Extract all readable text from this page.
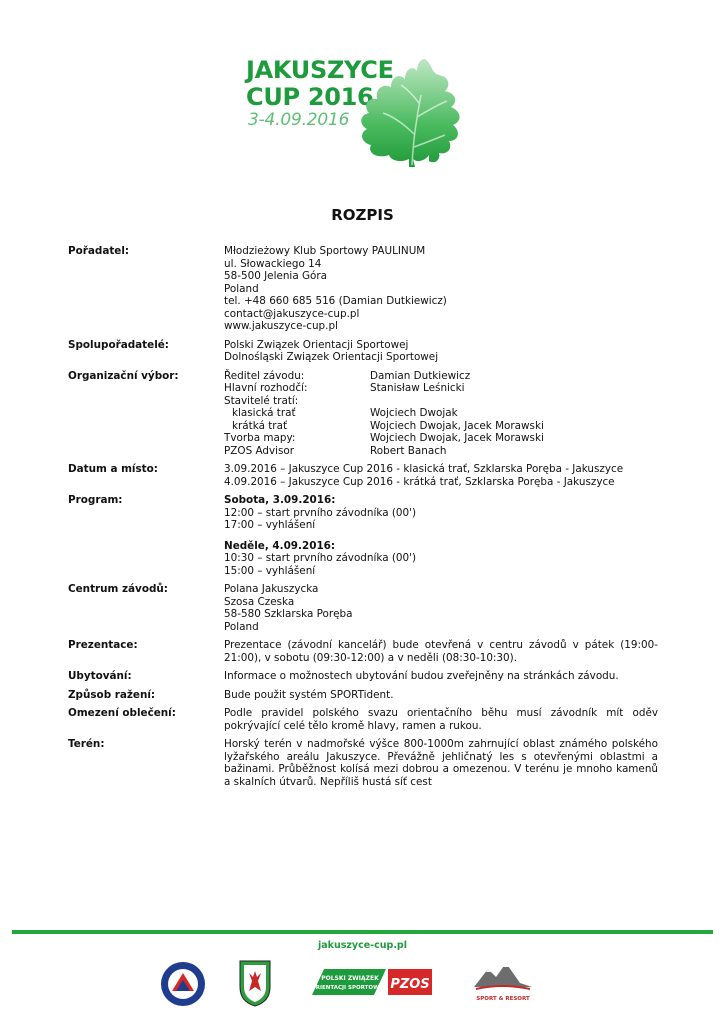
JAKUSZYCE
CUP 2016
3-4.09.2016
ROZPIS
Pořadatel:	Młodzieżowy Klub Sportowy PAULINUM
ul. Słowackiego 14
58-500 Jelenia Góra
Poland
tel. +48 660 685 516 (Damian Dutkiewicz)
contact@jakuszyce-cup.pl
www.jakuszyce-cup.pl
Spolupořadatelé:	Polski Związek Orientacji Sportowej
Dolnośląski Związek Orientacji Sportowej
Organizační výbor:	Ředitel závodu:	Damian Dutkiewicz
Hlavní rozhodčí:	Stanisław Leśnicki
Stavitelé tratí:
klasická trať	Wojciech Dwojak
krátká trať	Wojciech Dwojak, Jacek Morawski
Tvorba mapy:	Wojciech Dwojak, Jacek Morawski
PZOS Advisor	Robert Banach
Datum a místo:	3.09.2016 – Jakuszyce Cup 2016 - klasická trať, Szklarska Poręba - Jakuszyce
4.09.2016 – Jakuszyce Cup 2016 - krátká trať, Szklarska Poręba - Jakuszyce
Program:	Sobota, 3.09.2016:
12:00 – start prvního závodníka (00')
17:00 – vyhlášení
Neděle, 4.09.2016:
10:30 – start prvního závodníka (00')
15:00 – vyhlášení
Centrum závodů:	Polana Jakuszycka
Szosa Czeska
58-580 Szklarska Poręba
Poland
Prezentace:	Prezentace (závodní kancelář) bude otevřená v centru závodů v pátek (19:00-21:00), v sobotu (09:30-12:00) a v neděli (08:30-10:30).
Ubytování:	Informace o možnostech ubytování budou zveřejněny na stránkách závodu.
Způsob ražení:	Bude použit systém SPORTident.
Omezení oblečení:	Podle pravidel polského svazu orientačního běhu musí závodník mít oděv pokrývající celé tělo kromě hlavy, ramen a rukou.
Terén:	Horský terén v nadmořské výšce 800-1000m zahrnující oblast známého polského lyžařského areálu Jakuszyce. Převážně jehličnatý les s otevřenými oblastmi a bažinami. Průběžnost kolísá mezi dobrou a omezenou. V terénu je mnoho kamenů a skalních útvarů. Nepříliš hustá síť cest
jakuszyce-cup.pl
POLSKI ZWIĄZEK
ORIENTACJI SPORTOWEJ PZOS
SPORT & RESORT
